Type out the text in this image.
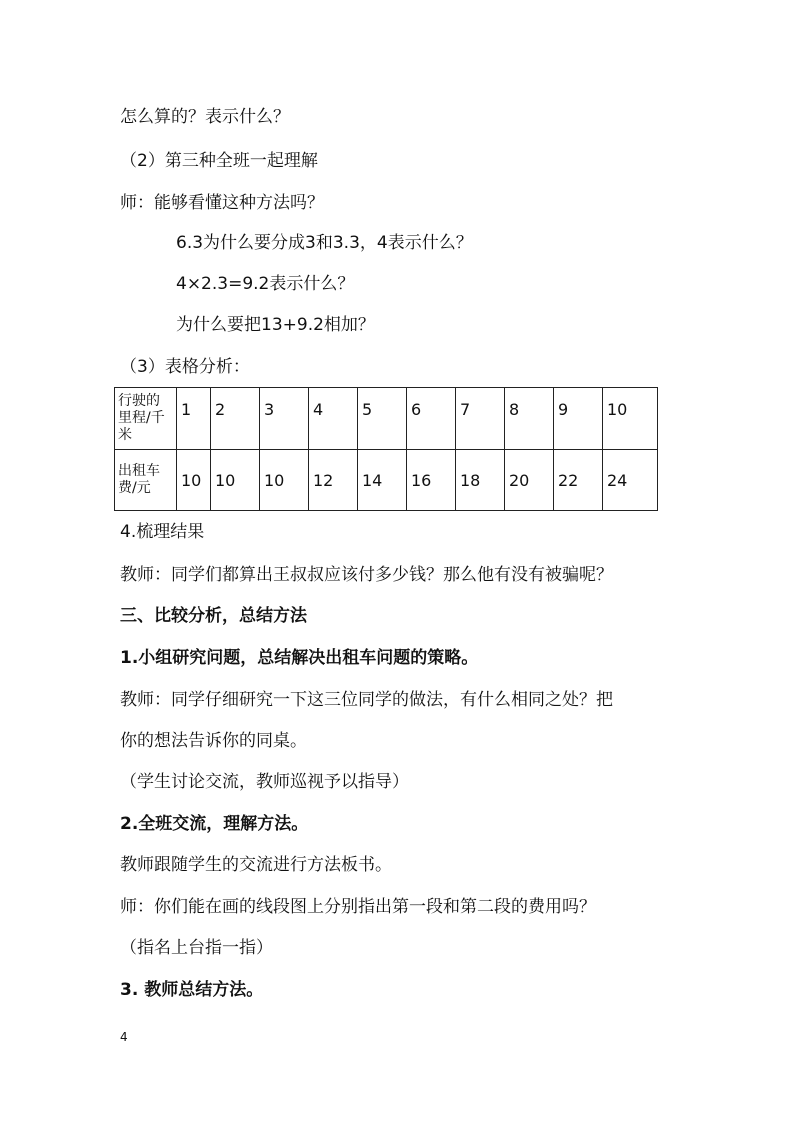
怎么算的？表示什么？
（2）第三种全班一起理解
师：能够看懂这种方法吗？
6.3为什么要分成3和3.3，4表示什么？
4×2.3=9.2表示什么？
为什么要把13+9.2相加？
（3）表格分析：
行驶的里程/千米	1	2	3	4	5	6	7	8	9	10
出租车费/元	10	10	10	12	14	16	18	20	22	24
4.梳理结果
教师：同学们都算出王叔叔应该付多少钱？那么他有没有被骗呢？
三、比较分析，总结方法
1.小组研究问题，总结解决出租车问题的策略。
教师：同学仔细研究一下这三位同学的做法，有什么相同之处？把
你的想法告诉你的同桌。
（学生讨论交流，教师巡视予以指导）
2.全班交流，理解方法。
教师跟随学生的交流进行方法板书。
师：你们能在画的线段图上分别指出第一段和第二段的费用吗？
（指名上台指一指）
3. 教师总结方法。
4
